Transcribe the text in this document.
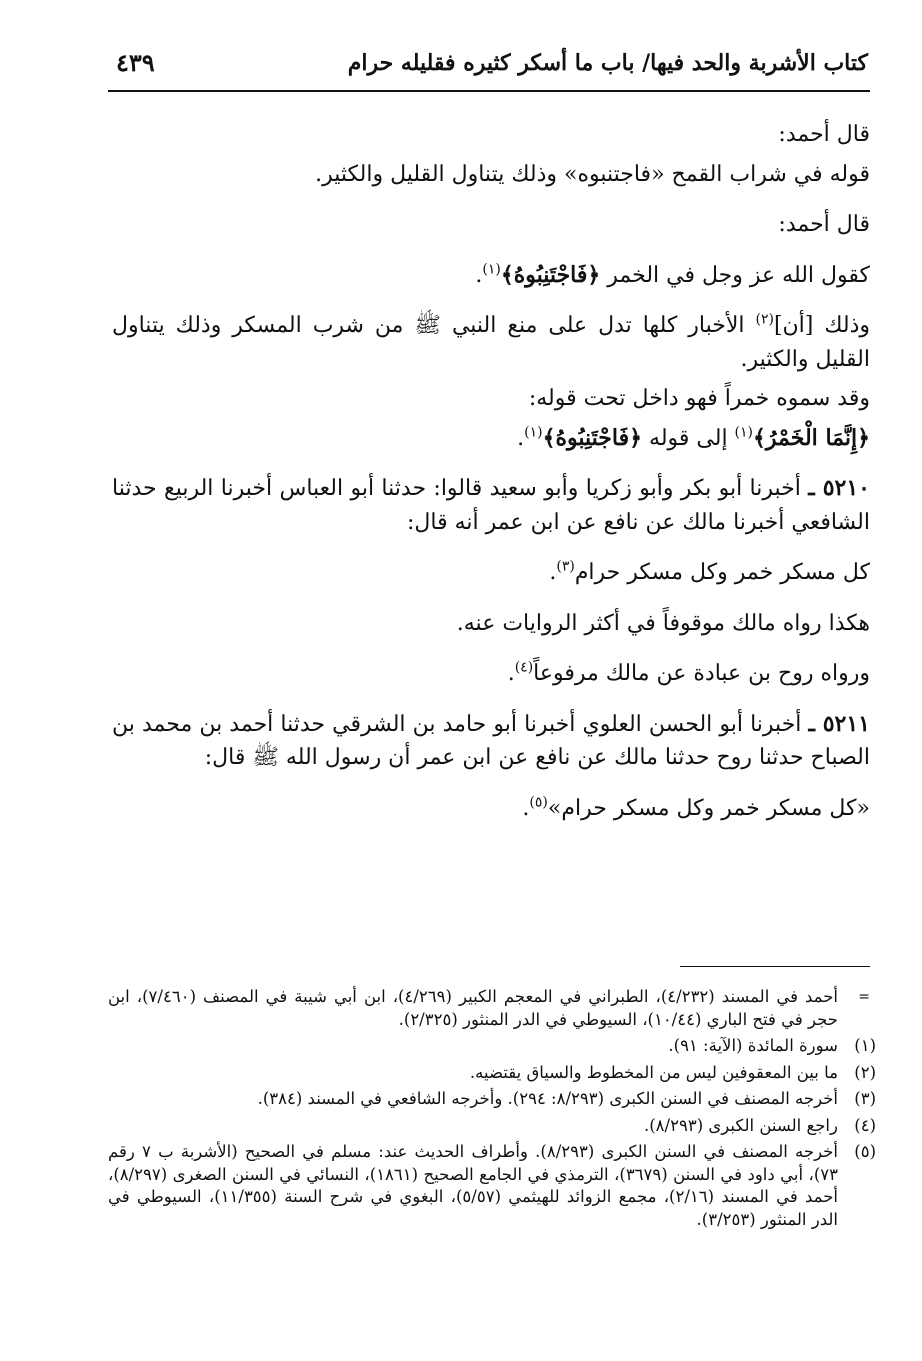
كتاب الأشربة والحد فيها/ باب ما أسكر كثيره فقليله حرام
٤٣٩

قال أحمد:

قوله في شراب القمح «فاجتنبوه» وذلك يتناول القليل والكثير.

قال أحمد:

كقول الله عز وجل في الخمر ﴿فَاجْتَنِبُوهُ﴾$^{(١)}$.

وذلك [أن]$^{(٢)}$ الأخبار كلها تدل على منع النبي ﷺ من شرب المسكر وذلك يتناول القليل والكثير.

وقد سموه خمراً فهو داخل تحت قوله:

﴿إِنَّمَا الْخَمْرُ﴾$^{(١)}$ إلى قوله ﴿فَاجْتَنِبُوهُ﴾$^{(١)}$.

٥٢١٠ ـ أخبرنا أبو بكر وأبو زكريا وأبو سعيد قالوا: حدثنا أبو العباس أخبرنا الربيع حدثنا الشافعي أخبرنا مالك عن نافع عن ابن عمر أنه قال:

كل مسكر خمر وكل مسكر حرام$^{(٣)}$.

هكذا رواه مالك موقوفاً في أكثر الروايات عنه.

ورواه روح بن عبادة عن مالك مرفوعاً$^{(٤)}$.

٥٢١١ ـ أخبرنا أبو الحسن العلوي أخبرنا أبو حامد بن الشرقي حدثنا أحمد بن محمد بن الصباح حدثنا روح حدثنا مالك عن نافع عن ابن عمر أن رسول الله ﷺ قال:

«كل مسكر خمر وكل مسكر حرام»$^{(٥)}$.

=
أحمد في المسند (٤/٢٣٢)، الطبراني في المعجم الكبير (٤/٢٦٩)، ابن أبي شيبة في المصنف (٧/٤٦٠)، ابن حجر في فتح الباري (١٠/٤٤)، السيوطي في الدر المنثور (٢/٣٢٥).
(١)
سورة المائدة (الآية: ٩١).
(٢)
ما بين المعقوفين ليس من المخطوط والسياق يقتضيه.
(٣)
أخرجه المصنف في السنن الكبرى (٨/٢٩٣: ٢٩٤). وأخرجه الشافعي في المسند (٣٨٤).
(٤)
راجع السنن الكبرى (٨/٢٩٣).
(٥)
أخرجه المصنف في السنن الكبرى (٨/٢٩٣). وأطراف الحديث عند: مسلم في الصحيح (الأشربة ب ٧ رقم ٧٣)، أبي داود في السنن (٣٦٧٩)، الترمذي في الجامع الصحيح (١٨٦١)، النسائي في السنن الصغرى (٨/٢٩٧)، أحمد في المسند (٢/١٦)، مجمع الزوائد للهيثمي (٥/٥٧)، البغوي في شرح السنة (١١/٣٥٥)، السيوطي في الدر المنثور (٣/٢٥٣).
